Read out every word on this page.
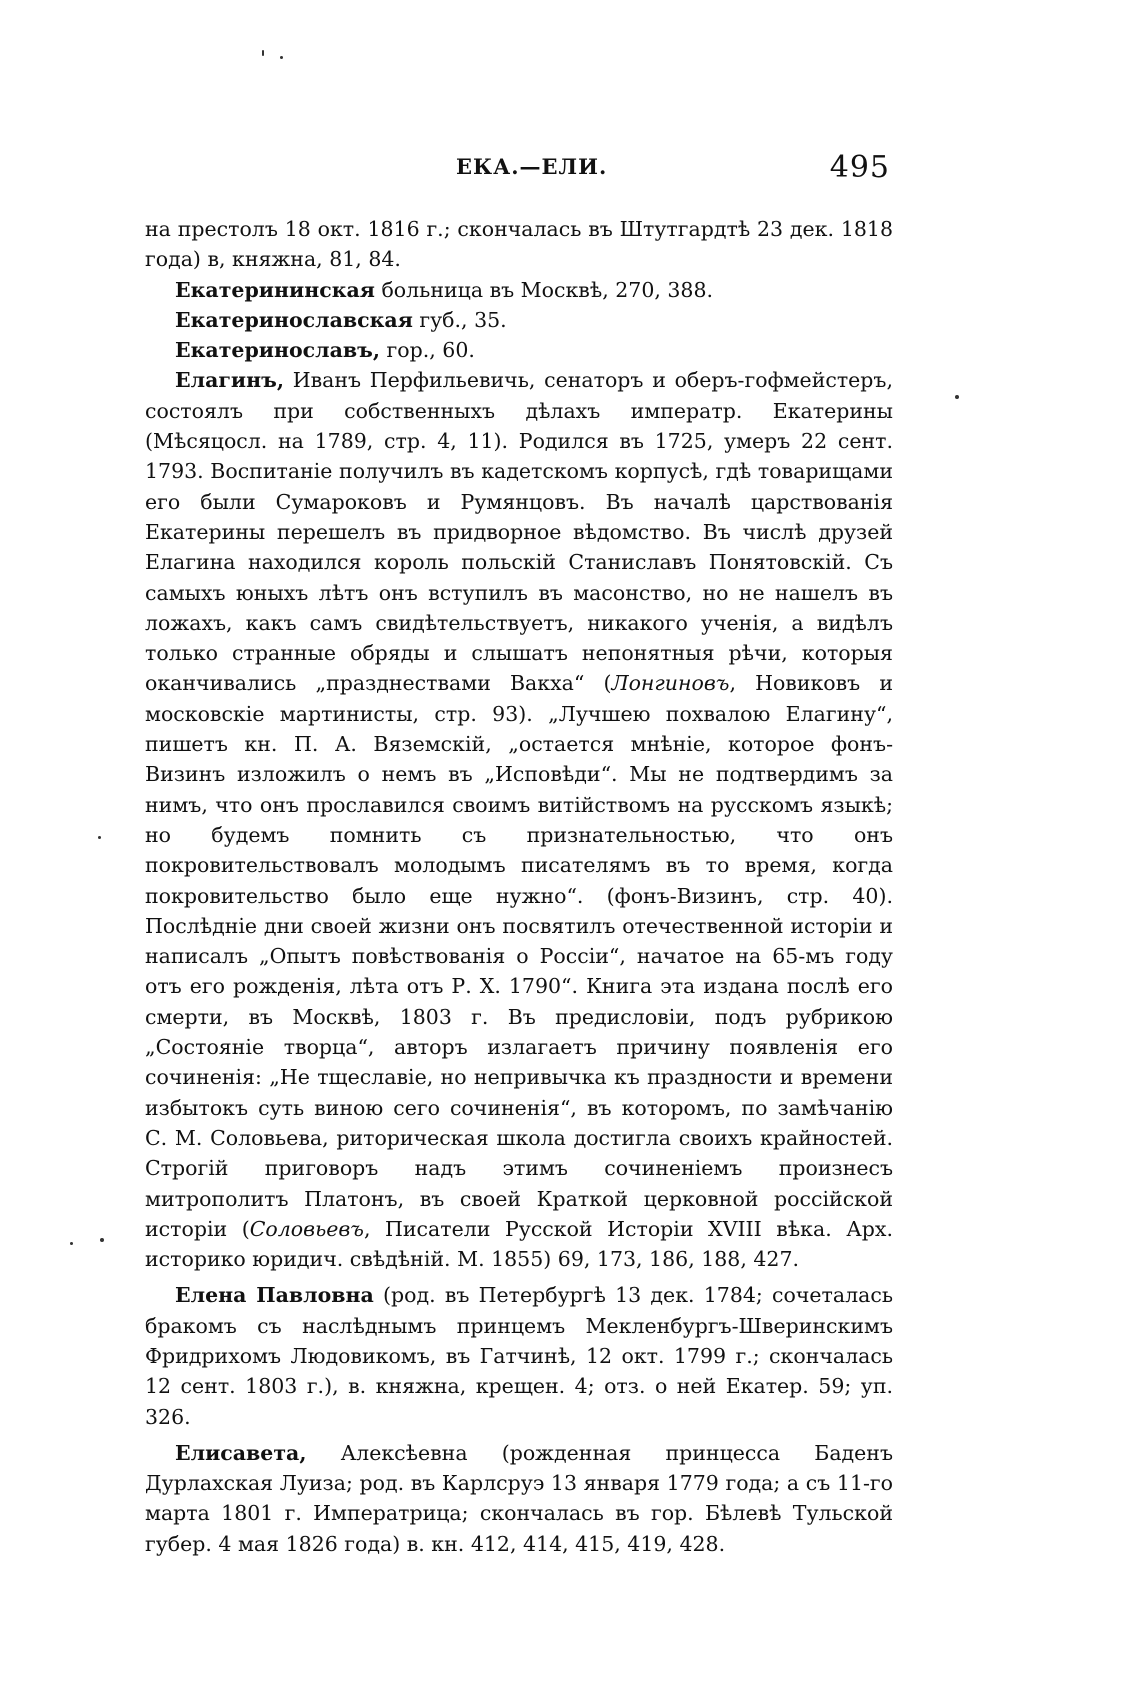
ЕКА.—ЕЛИ.	495

на престолъ 18 окт. 1816 г.; скончалась въ Штутгардтѣ 23 дек. 1818 года) в, княжна, 81, 84.

Екатерининская больница въ Москвѣ, 270, 388.

Екатеринославская губ., 35.

Екатеринославъ, гор., 60.

Елагинъ, Иванъ Перфильевичь, сенаторъ и оберъ-гофмейстеръ, состоялъ при собственныхъ дѣлахъ императр. Екатерины (Мѣсяцосл. на 1789, стр. 4, 11). Родился въ 1725, умеръ 22 сент. 1793. Воспитаніе получилъ въ кадетскомъ корпусѣ, гдѣ товарищами его были Сумароковъ и Румянцовъ. Въ началѣ царствованія Екатерины перешелъ въ придворное вѣдомство. Въ числѣ друзей Елагина находился король польскій Станиславъ Понятовскій. Съ самыхъ юныхъ лѣтъ онъ вступилъ въ масонство, но не нашелъ въ ложахъ, какъ самъ свидѣтельствуетъ, никакого ученія, а видѣлъ только странные обряды и слышатъ непонятныя рѣчи, которыя оканчивались „празднествами Вакха“ (Лонгиновъ, Новиковъ и московскіе мартинисты, стр. 93). „Лучшею похвалою Елагину“, пишетъ кн. П. А. Вяземскій, „остается мнѣніе, которое фонъ-Визинъ изложилъ о немъ въ „Исповѣди“. Мы не подтвердимъ за нимъ, что онъ прославился своимъ витійствомъ на русскомъ языкѣ; но будемъ помнить съ признательностью, что онъ покровительствовалъ молодымъ писателямъ въ то время, когда покровительство было еще нужно“. (фонъ-Визинъ, стр. 40). Послѣдніе дни своей жизни онъ посвятилъ отечественной исторіи и написалъ „Опытъ повѣствованія о Россіи“, начатое на 65-мъ году отъ его рожденія, лѣта отъ Р. Х. 1790“. Книга эта издана послѣ его смерти, въ Москвѣ, 1803 г. Въ предисловіи, подъ рубрикою „Состояніе творца“, авторъ излагаетъ причину появленія его сочиненія: „Не тщеславіе, но непривычка къ праздности и времени избытокъ суть виною сего сочиненія“, въ которомъ, по замѣчанію С. М. Соловьева, риторическая школа достигла своихъ крайностей. Строгій приговоръ надъ этимъ сочиненіемъ произнесъ митрополитъ Платонъ, въ своей Краткой церковной россійской исторіи (Соловьевъ, Писатели Русской Исторіи XVIII вѣка. Арх. историко юридич. свѣдѣній. М. 1855) 69, 173, 186, 188, 427.

Елена Павловна (род. въ Петербургѣ 13 дек. 1784; сочеталась бракомъ съ наслѣднымъ принцемъ Мекленбургъ-Шверинскимъ Фридрихомъ Людовикомъ, въ Гатчинѣ, 12 окт. 1799 г.; скончалась 12 сент. 1803 г.), в. княжна, крещен. 4; отз. о ней Екатер. 59; уп. 326.

Елисавета, Алексѣевна (рожденная принцесса Баденъ Дурлахская Луиза; род. въ Карлсруэ 13 января 1779 года; а съ 11-го марта 1801 г. Императрица; скончалась въ гор. Бѣлевѣ Тульской губер. 4 мая 1826 года) в. кн. 412, 414, 415, 419, 428.
